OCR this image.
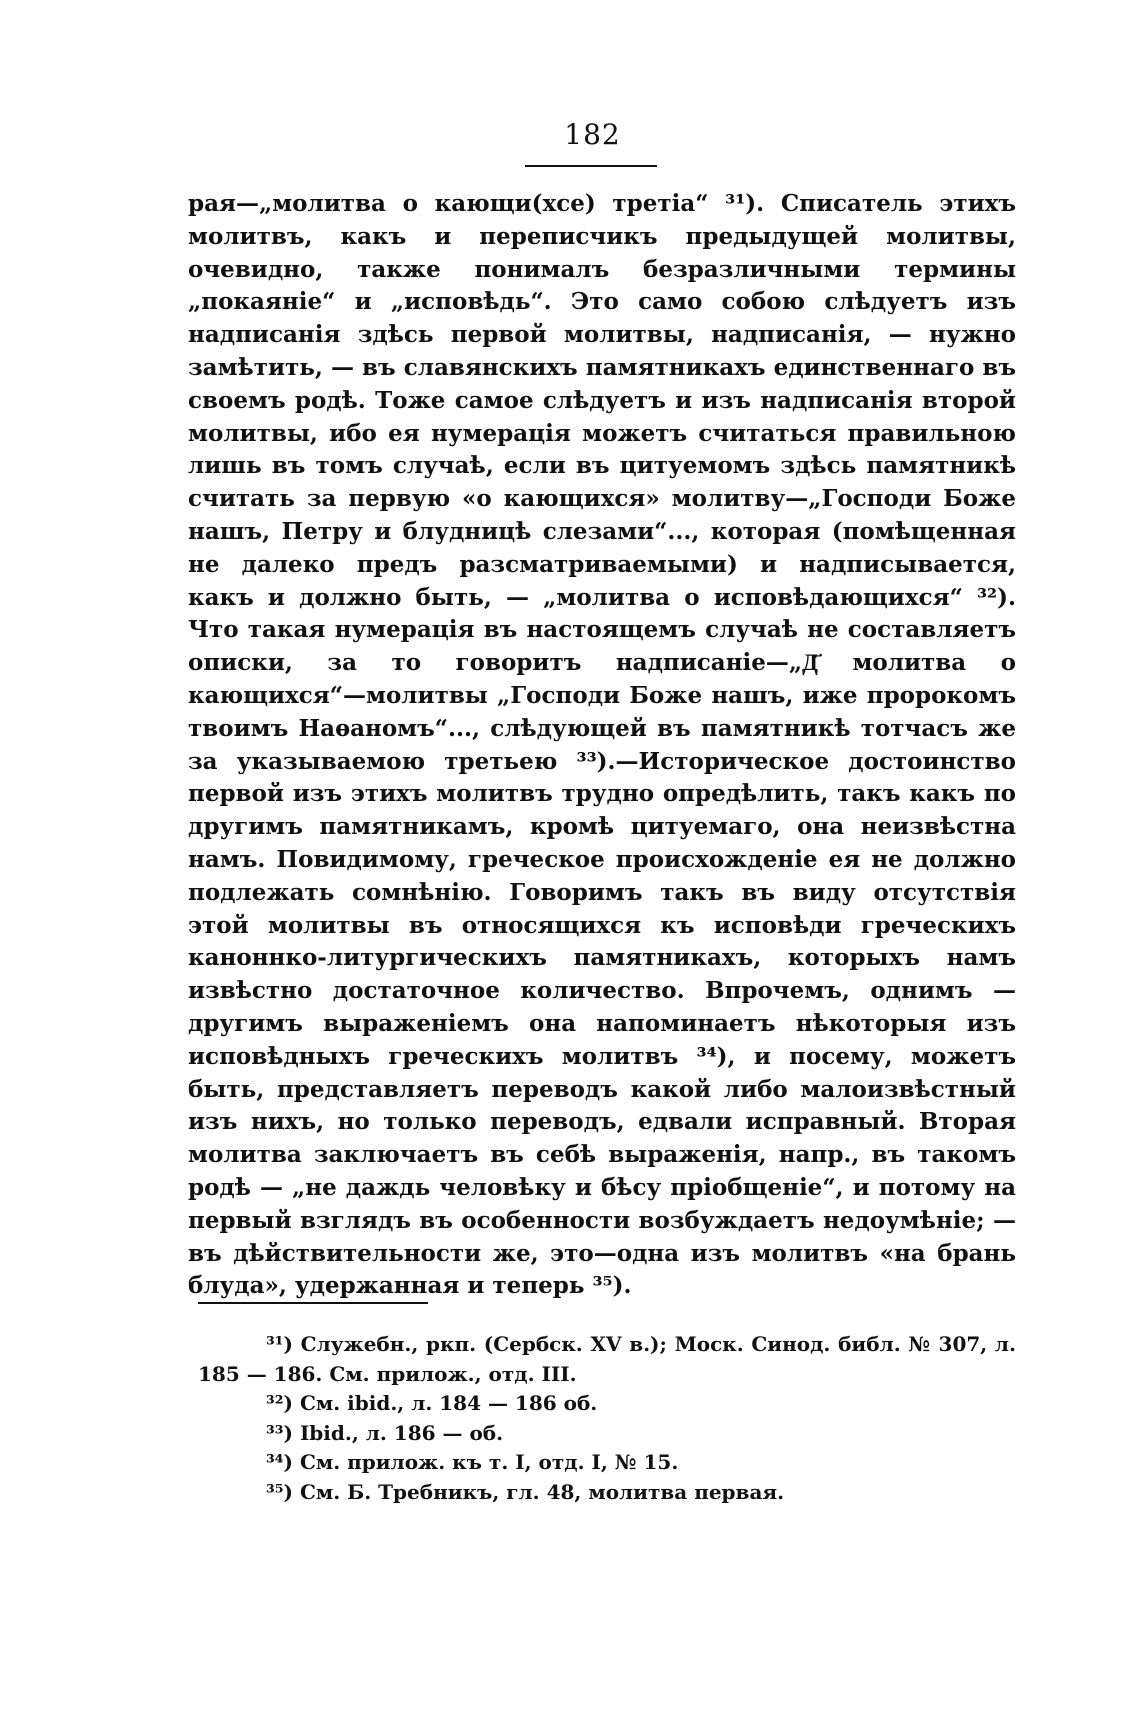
182

рая—„молитва о кающи(хсе) третiа“ ³¹). Списатель этихъ молитвъ, какъ и переписчикъ предыдущей молитвы, очевидно, также понималъ безразличными термины „покаянiе“ и „исповѣдь“. Это само собою слѣдуетъ изъ надписанiя здѣсь первой молитвы, надписанiя, — нужно замѣтить, — въ славянскихъ памятникахъ единственнаго въ своемъ родѣ. Тоже самое слѣдуетъ и изъ надписанiя второй молитвы, ибо ея нумерацiя можетъ считаться правильною лишь въ томъ случаѣ, если въ цитуемомъ здѣсь памятникѣ считать за первую «о кающихся» молитву—„Господи Боже нашъ, Петру и блудницѣ слезами“..., которая (помѣщенная не далеко предъ разсматриваемыми) и надписывается, какъ и должно быть, — „молитва о исповѣдающихся“ ³²). Что такая нумерацiя въ настоящемъ случаѣ не составляетъ описки, за то говоритъ надписанiе—„Д҃ молитва о кающихся“—молитвы „Господи Боже нашъ, иже пророкомъ твоимъ Наѳаномъ“..., слѣдующей въ памятникѣ тотчасъ же за указываемою третьею ³³).—Историческое достоинство первой изъ этихъ молитвъ трудно опредѣлить, такъ какъ по другимъ памятникамъ, кромѣ цитуемаго, она неизвѣстна намъ. Повидимому, греческое происхожденiе ея не должно подлежать сомнѣнiю. Говоримъ такъ въ виду отсутствiя этой молитвы въ относящихся къ исповѣди греческихъ каноннко-литургическихъ памятникахъ, которыхъ намъ извѣстно достаточное количество. Впрочемъ, однимъ — другимъ выраженiемъ она напоминаетъ нѣкоторыя изъ исповѣдныхъ греческихъ молитвъ ³⁴), и посему, можетъ быть, представляетъ переводъ какой либо малоизвѣстный изъ нихъ, но только переводъ, едвали исправный. Вторая молитва заключаетъ въ себѣ выраженiя, напр., въ такомъ родѣ — „не даждь человѣку и бѣсу прiобщенiе“, и потому на первый взглядъ въ особенности возбуждаетъ недоумѣнiе; — въ дѣйствительности же, это—одна изъ молитвъ «на брань блуда», удержанная и теперь ³⁵).

³¹) Служебн., ркп. (Сербск. XV в.); Моск. Синод. библ. № 307, л. 185 — 186. См. прилож., отд. III.
³²) См. ibid., л. 184 — 186 об.
³³) Ibid., л. 186 — об.
³⁴) См. прилож. къ т. I, отд. I, № 15.
³⁵) См. Б. Требникъ, гл. 48, молитва первая.
